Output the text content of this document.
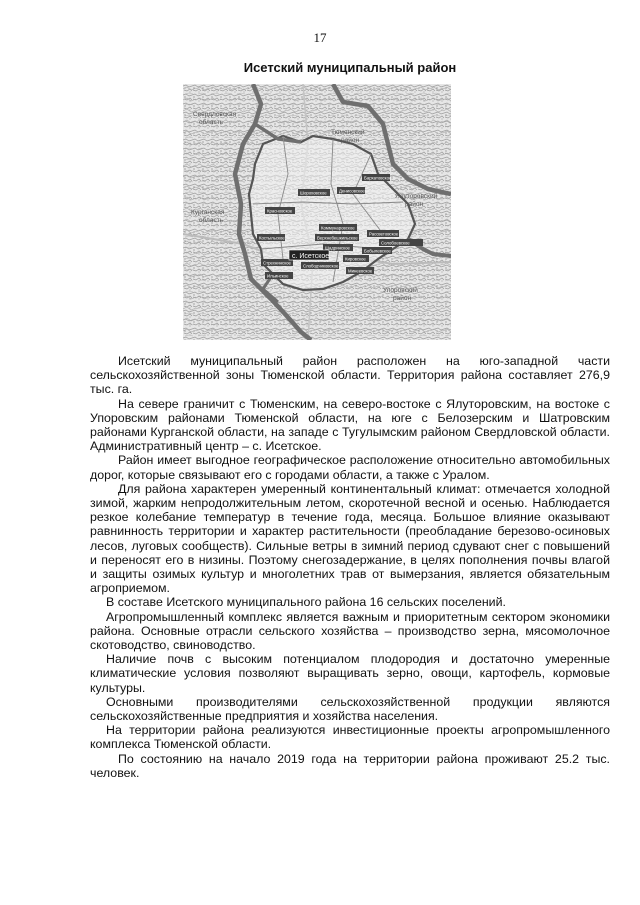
17
Исетский муниципальный район
Свердловская
область
Тюменский
район
Ялуторовский
район
Курганская
область
Упоровский
район
Бархатовское
Шороховское	Денисовское
Красновское
Коммунаровское
Верхнебешкильское
Рассветовское
Солобоевское
Шадринское
Бобылевское
Костыльское
Кировское
Стрехнинское
Слободчиковское
Минеевское
Ильинское
с. Исетское

Исетский муниципальный район расположен на юго-западной части сельскохозяйственной зоны Тюменской области. Территория района составляет 276,9 тыс. га.

На севере граничит с Тюменским, на северо-востоке с Ялуторовским, на востоке с Упоровским районами Тюменской области, на юге с Белозерским и Шатровским районами Курганской области, на западе с Тугулымским районом Свердловской области. Административный центр – с. Исетское.

Район имеет выгодное географическое расположение относительно автомобильных дорог, которые связывают его с городами области, а также с Уралом.

Для района характерен умеренный континентальный климат: отмечается холодной зимой, жарким непродолжительным летом, скоротечной весной и осенью. Наблюдается резкое колебание температур в течение года, месяца. Большое влияние оказывают равнинность территории и характер растительности (преобладание березово-осиновых лесов, луговых сообществ). Сильные ветры в зимний период сдувают снег с повышений и переносят его в низины. Поэтому снегозадержание, в целях пополнения почвы влагой и защиты озимых культур и многолетних трав от вымерзания, является обязательным агроприемом.

В составе Исетского муниципального района 16 сельских поселений.

Агропромышленный комплекс является важным и приоритетным сектором экономики района. Основные отрасли сельского хозяйства – производство зерна, мясомолочное скотоводство, свиноводство.

Наличие почв с высоким потенциалом плодородия и достаточно умеренные климатические условия позволяют выращивать зерно, овощи, картофель, кормовые культуры.

Основными производителями сельскохозяйственной продукции являются сельскохозяйственные предприятия и хозяйства населения.

На территории района реализуются инвестиционные проекты агропромышленного комплекса Тюменской области.

По состоянию на начало 2019 года на территории района проживают 25.2 тыс. человек.
